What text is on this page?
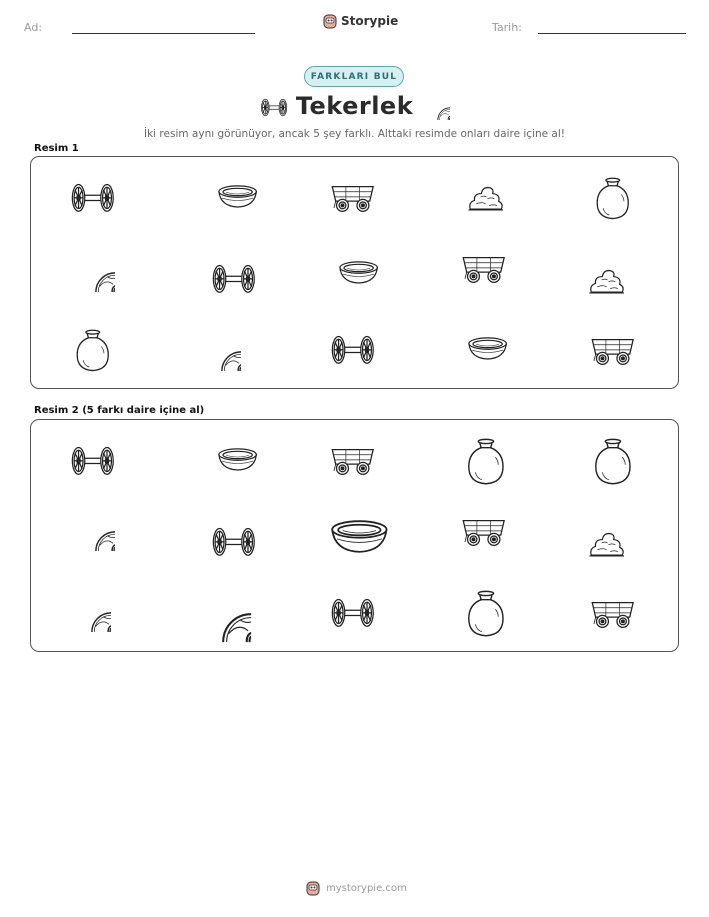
Ad:	Storypie	Tarih:
FARKLARI BUL
Tekerlek
İki resim aynı görünüyor, ancak 5 şey farklı. Alttaki resimde onları daire içine al!
Resim 1
Resim 2 (5 farkı daire içine al)
mystorypie.com
